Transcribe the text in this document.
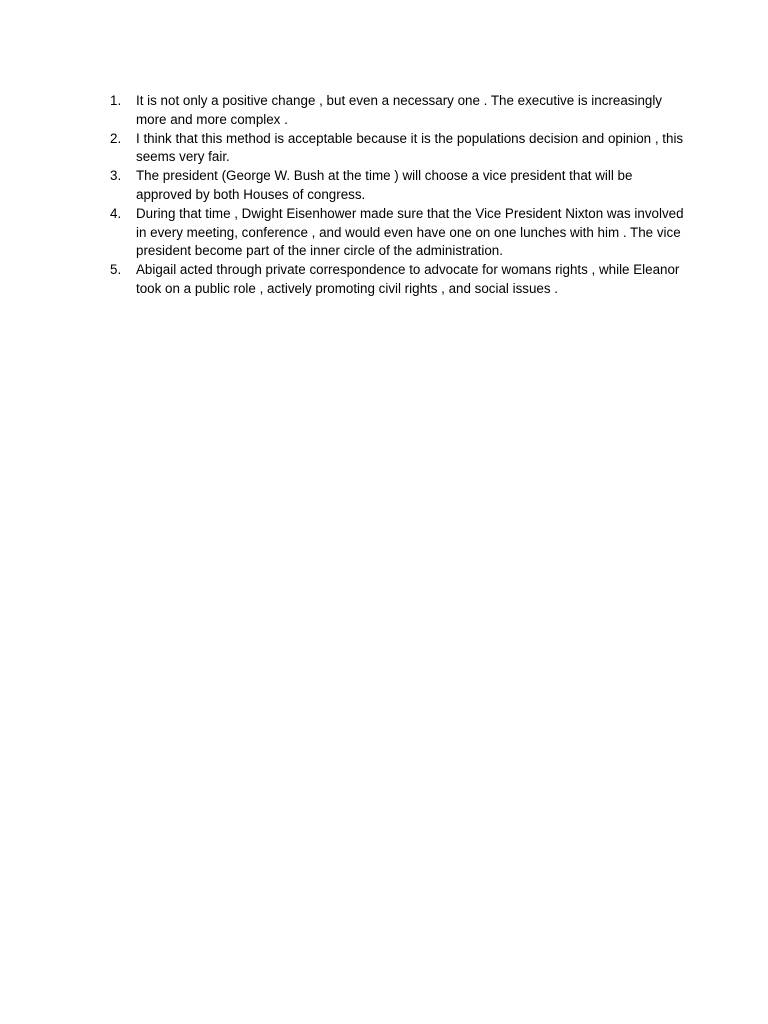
1.	It is not only a positive change , but even a necessary one . The executive is increasingly more and more complex .
2.	I think that this method is acceptable because it is the populations decision and opinion , this seems very fair.
3.	The president (George W. Bush at the time ) will choose a vice president that will be approved by both Houses of congress.
4.	During that time , Dwight Eisenhower made sure that the Vice President Nixton was involved in every meeting, conference , and would even have one on one lunches with him . The vice president become part of the inner circle of the administration.
5.	Abigail acted through private correspondence to advocate for womans rights , while Eleanor took on a public role , actively promoting civil rights , and social issues .
